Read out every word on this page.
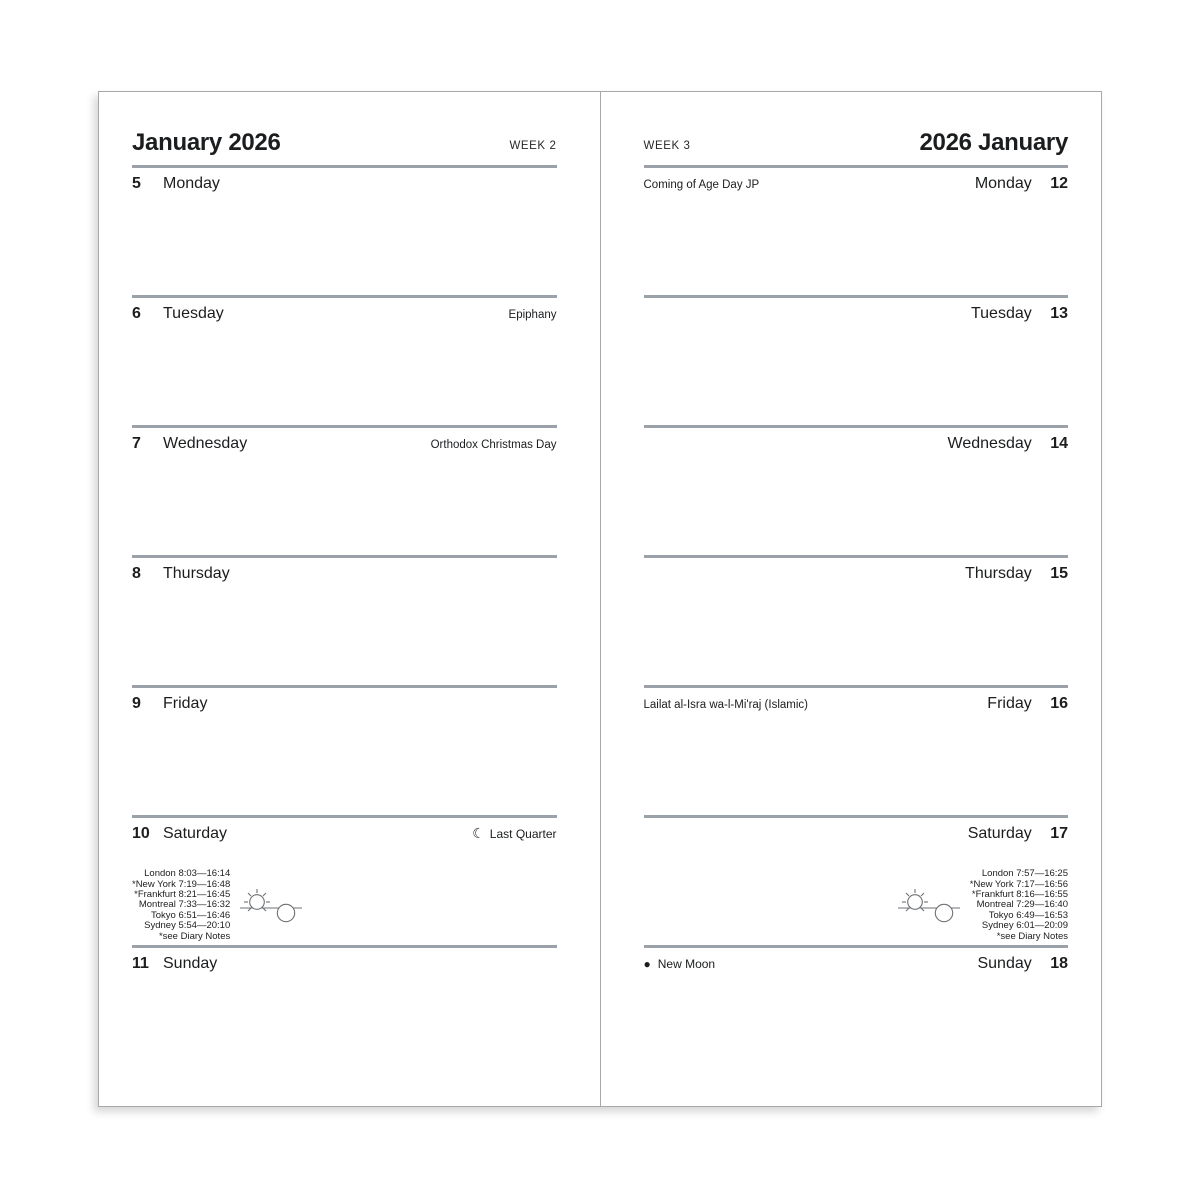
January 2026	WEEK 2
5	Monday
6	Tuesday	Epiphany
7	Wednesday	Orthodox Christmas Day
8	Thursday
9	Friday
10 Saturday	☾ Last Quarter
London 8:03—16:14
*New York 7:19—16:48
*Frankfurt 8:21—16:45
Montreal 7:33—16:32
Tokyo 6:51—16:46
Sydney 5:54—20:10
*see Diary Notes
11 Sunday
WEEK 3	2026 January
Coming of Age Day JP	Monday 12
Tuesday 13
Wednesday 14
Thursday 15
Lailat al-Isra wa-l-Mi'raj (Islamic)	Friday 16
Saturday 17
London 7:57—16:25
*New York 7:17—16:56
*Frankfurt 8:16—16:55
Montreal 7:29—16:40
Tokyo 6:49—16:53
Sydney 6:01—20:09
*see Diary Notes
● New Moon	Sunday 18
